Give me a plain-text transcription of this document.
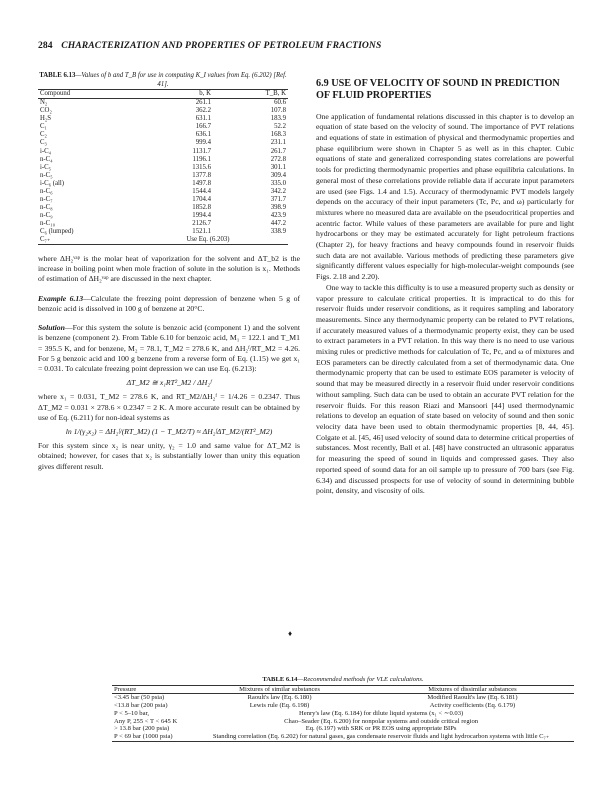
284 CHARACTERIZATION AND PROPERTIES OF PETROLEUM FRACTIONS
TABLE 6.13—Values of b and T_B for use in computing K_I values from Eq. (6.202) [Ref. 41].
Compound	b, K	T_B, K
N₂	261.1	60.6
CO₂	362.2	107.8
H₂S	631.1	183.9
C₁	166.7	52.2
C₂	636.1	168.3
C₃	999.4	231.1
i-C₄	1131.7	261.7
n-C₄	1196.1	272.8
i-C₅	1315.6	301.1
n-C₅	1377.8	309.4
i-C₆ (all)	1497.8	335.0
n-C₆	1544.4	342.2
n-C₇	1704.4	371.7
n-C₈	1852.8	398.9
n-C₉	1994.4	423.9
n-C₁₀	2126.7	447.2
C₆ (lumped)	1521.1	338.9
C₇₊	Use Eq. (6.203)	

where ΔH₂ᵛᵃᵖ is the molar heat of vaporization for the solvent and ΔT_b2 is the increase in boiling point when mole fraction of solute in the solution is x₁. Methods of estimation of ΔH₂ᵛᵃᵖ are discussed in the next chapter.

Example 6.13—Calculate the freezing point depression of benzene when 5 g of benzoic acid is dissolved in 100 g of benzene at 20°C.

Solution—For this system the solute is benzoic acid (component 1) and the solvent is benzene (component 2). From Table 6.10 for benzoic acid, M₁ = 122.1 and T_M1 = 395.5 K, and for benzene, M₂ = 78.1, T_M2 = 278.6 K, and ΔH₂ᶠ/RT_M2 = 4.26. For 5 g benzoic acid and 100 g benzene from a reverse form of Eq. (1.15) we get x₁ = 0.031. To calculate freezing point depression we can use Eq. (6.213):

ΔT_M2 ≅ x₁RT²_M2 / ΔH₂ᶠ

where x₁ = 0.031, T_M2 = 278.6 K, and RT_M2/ΔH₂ᶠ = 1/4.26 = 0.2347. Thus ΔT_M2 = 0.031 × 278.6 × 0.2347 = 2 K. A more accurate result can be obtained by use of Eq. (6.211) for non-ideal systems as

ln 1/(γ₂x₂) = ΔH₂ᶠ/(RT_M2) (1 − T_M2/T) ≈ ΔH₂ᶠΔT_M2/(RT²_M2)

For this system since x₂ is near unity, γ₂ = 1.0 and same value for ΔT_M2 is obtained; however, for cases that x₂ is substantially lower than unity this equation gives different result.

♦
6.9 USE OF VELOCITY OF SOUND IN PREDICTION OF FLUID PROPERTIES

One application of fundamental relations discussed in this chapter is to develop an equation of state based on the velocity of sound. The importance of PVT relations and equations of state in estimation of physical and thermodynamic properties and phase equilibrium were shown in Chapter 5 as well as in this chapter. Cubic equations of state and generalized corresponding states correlations are powerful tools for predicting thermodynamic properties and phase equilibria calculations. In general most of these correlations provide reliable data if accurate input parameters are used (see Figs. 1.4 and 1.5). Accuracy of thermodynamic PVT models largely depends on the accuracy of their input parameters (Tc, Pc, and ω) particularly for mixtures where no measured data are available on the pseudocritical properties and acentric factor. While values of these parameters are available for pure and light hydrocarbons or they may be estimated accurately for light petroleum fractions (Chapter 2), for heavy fractions and heavy compounds found in reservoir fluids such data are not available. Various methods of predicting these parameters give significantly different values especially for high-molecular-weight compounds (see Figs. 2.18 and 2.20).

One way to tackle this difficulty is to use a measured property such as density or vapor pressure to calculate critical properties. It is impractical to do this for reservoir fluids under reservoir conditions, as it requires sampling and laboratory measurements. Since any thermodynamic property can be related to PVT relations, if accurately measured values of a thermodynamic property exist, they can be used to extract parameters in a PVT relation. In this way there is no need to use various mixing rules or predictive methods for calculation of Tc, Pc, and ω of mixtures and EOS parameters can be directly calculated from a set of thermodynamic data. One thermodynamic property that can be used to estimate EOS parameter is velocity of sound that may be measured directly in a reservoir fluid under reservoir conditions without sampling. Such data can be used to obtain an accurate PVT relation for the reservoir fluids. For this reason Riazi and Mansoori [44] used thermodynamic relations to develop an equation of state based on velocity of sound and then sonic velocity data have been used to obtain thermodynamic properties [8, 44, 45]. Colgate et al. [45, 46] used velocity of sound data to determine critical properties of substances. Most recently, Ball et al. [48] have constructed an ultrasonic apparatus for measuring the speed of sound in liquids and compressed gases. They also reported speed of sound data for an oil sample up to pressure of 700 bars (see Fig. 6.34) and discussed prospects for use of velocity of sound in determining bubble point, density, and viscosity of oils.

TABLE 6.14—Recommended methods for VLE calculations.
Pressure	Mixtures of similar substances	Mixtures of dissimilar substances
<3.45 bar (50 psia)	Raoult's law (Eq. 6.180)	Modified Raoult's law (Eq. 6.181)
<13.8 bar (200 psia)	Lewis rule (Eq. 6.198)	Activity coefficients (Eq. 6.179)
P < 5–10 bar,	Henry's law (Eq. 6.184) for dilute liquid systems (x₁ < ∼0.03)	
Any P, 255 < T < 645 K	Chao–Seader (Eq. 6.200) for nonpolar systems and outside critical region	
> 13.8 bar (200 psia)	Eq. (6.197) with SRK or PR EOS using appropriate BIPs	
P < 69 bar (1000 psia)	Standing correlation (Eq. 6.202) for natural gases, gas condensate reservoir fluids and light hydrocarbon systems with little C₇₊	
